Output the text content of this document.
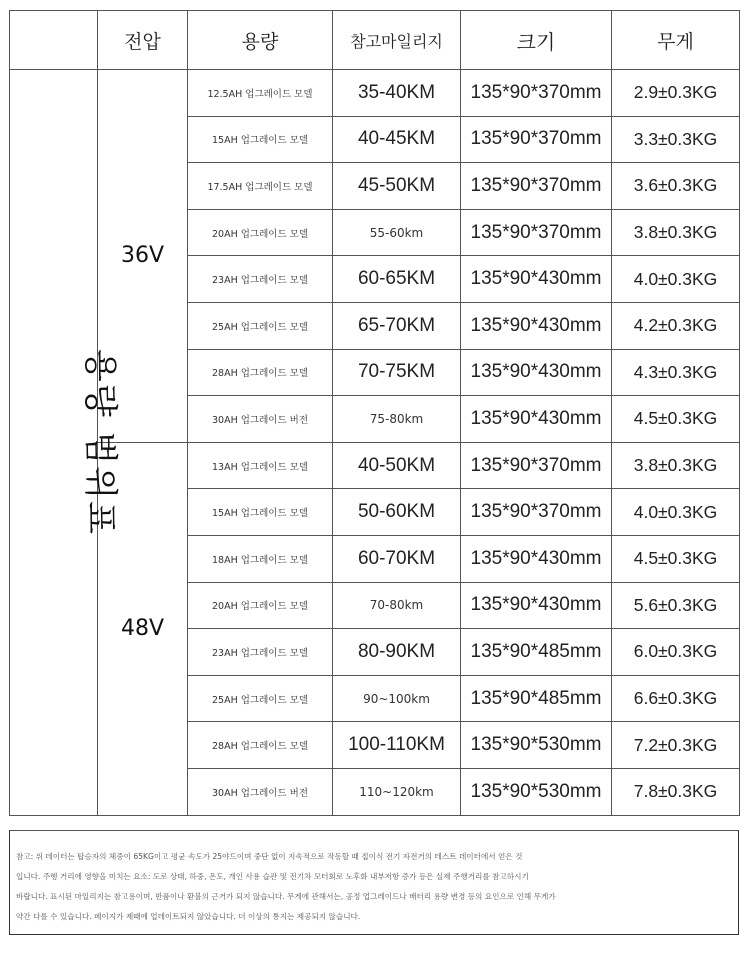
	전압	용량	참고마일리지	크기	무게
용량 범위표	36V	12.5AH 업그레이드 모델	35-40KM	135*90*370mm	2.9±0.3KG
		15AH 업그레이드 모델	40-45KM	135*90*370mm	3.3±0.3KG
		17.5AH 업그레이드 모델	45-50KM	135*90*370mm	3.6±0.3KG
		20AH 업그레이드 모델	55-60km	135*90*370mm	3.8±0.3KG
		23AH 업그레이드 모델	60-65KM	135*90*430mm	4.0±0.3KG
		25AH 업그레이드 모델	65-70KM	135*90*430mm	4.2±0.3KG
		28AH 업그레이드 모델	70-75KM	135*90*430mm	4.3±0.3KG
		30AH 업그레이드 버전	75-80km	135*90*430mm	4.5±0.3KG
	48V	13AH 업그레이드 모델	40-50KM	135*90*370mm	3.8±0.3KG
		15AH 업그레이드 모델	50-60KM	135*90*370mm	4.0±0.3KG
		18AH 업그레이드 모델	60-70KM	135*90*430mm	4.5±0.3KG
		20AH 업그레이드 모델	70-80km	135*90*430mm	5.6±0.3KG
		23AH 업그레이드 모델	80-90KM	135*90*485mm	6.0±0.3KG
		25AH 업그레이드 모델	90~100km	135*90*485mm	6.6±0.3KG
		28AH 업그레이드 모델	100-110KM	135*90*530mm	7.2±0.3KG
		30AH 업그레이드 버전	110~120km	135*90*530mm	7.8±0.3KG

참고: 위 데이터는 탑승자의 체중이 65KG이고 평균 속도가 25야드이며 중단 없이 지속적으로 작동할 때 접이식 전기 자전거의 테스트 데이터에서 얻은 것

입니다. 주행 거리에 영향을 미치는 요소: 도로 상태, 하중, 온도, 개인 사용 습관 및 전기차 모터회로 노후화 내부저항 증가 등은 실제 주행거리를 참고하시기

바랍니다. 표시된 마일리지는 참고용이며, 반품이나 환불의 근거가 되지 않습니다. 무게에 관해서는, 공정 업그레이드나 배터리 용량 변경 등의 요인으로 인해 무게가

약간 다를 수 있습니다. 페이지가 제때에 업데이트되지 않았습니다. 더 이상의 통지는 제공되지 않습니다.
